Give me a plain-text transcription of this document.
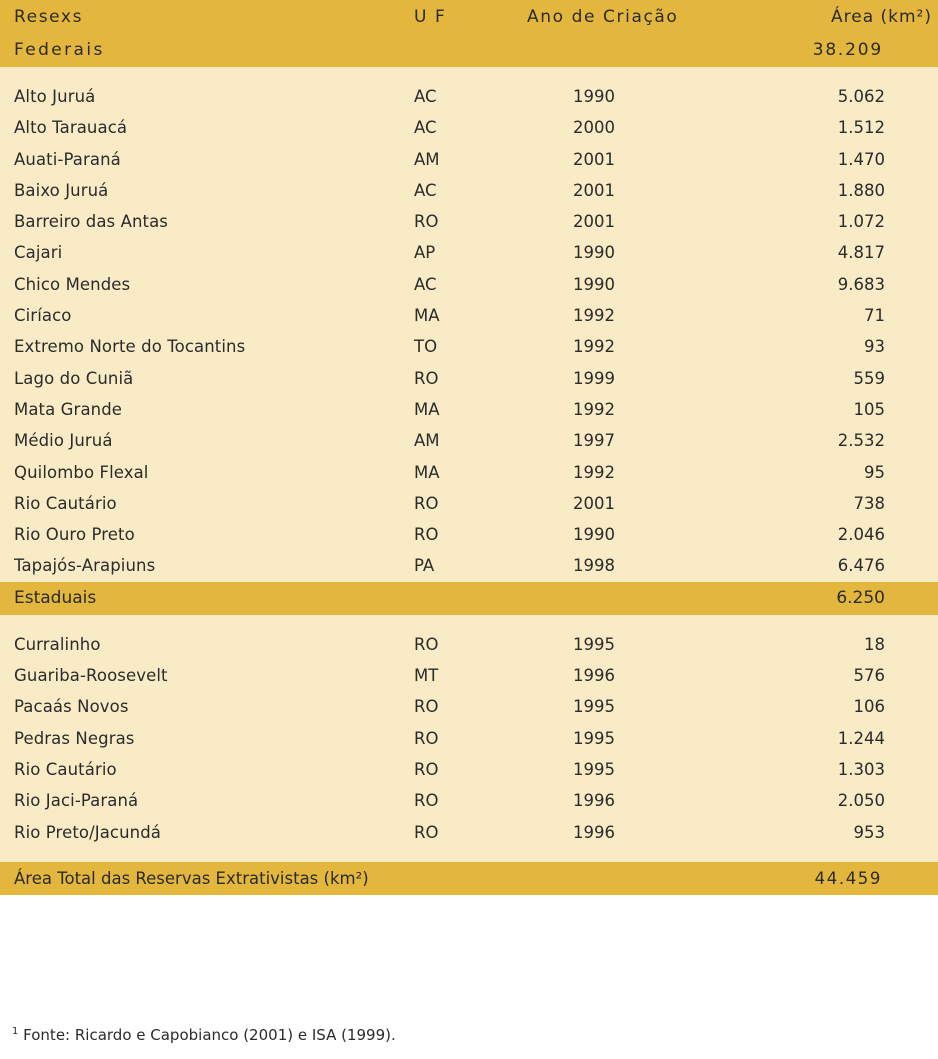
Resexs	U F	Ano de Criação	Área (km²)
Federais	38.209
Alto Juruá	AC	1990	5.062
Alto Tarauacá	AC	2000	1.512
Auati-Paraná	AM	2001	1.470
Baixo Juruá	AC	2001	1.880
Barreiro das Antas	RO	2001	1.072
Cajari	AP	1990	4.817
Chico Mendes	AC	1990	9.683
Ciríaco	MA	1992	71
Extremo Norte do Tocantins	TO	1992	93
Lago do Cuniã	RO	1999	559
Mata Grande	MA	1992	105
Médio Juruá	AM	1997	2.532
Quilombo Flexal	MA	1992	95
Rio Cautário	RO	2001	738
Rio Ouro Preto	RO	1990	2.046
Tapajós-Arapiuns	PA	1998	6.476
Estaduais	6.250
Curralinho	RO	1995	18
Guariba-Roosevelt	MT	1996	576
Pacaás Novos	RO	1995	106
Pedras Negras	RO	1995	1.244
Rio Cautário	RO	1995	1.303
Rio Jaci-Paraná	RO	1996	2.050
Rio Preto/Jacundá	RO	1996	953
Área Total das Reservas Extrativistas (km²)	44.459
$^1$ Fonte: Ricardo e Capobianco (2001) e ISA (1999).
